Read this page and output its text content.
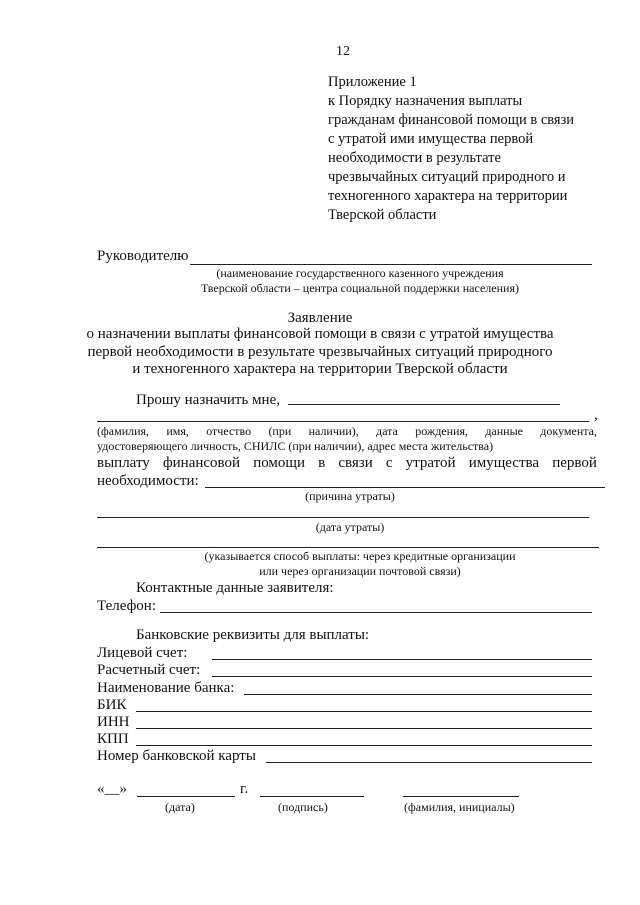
12
Приложение 1
к Порядку назначения выплаты
гражданам финансовой помощи в связи
с утратой ими имущества первой
необходимости в результате
чрезвычайных ситуаций природного и
техногенного характера на территории
Тверской области
Руководителю
(наименование государственного казенного учреждения
Тверской области – центра социальной поддержки населения)
Заявление
о назначении выплаты финансовой помощи в связи с утратой имущества
первой необходимости в результате чрезвычайных ситуаций природного
и техногенного характера на территории Тверской области
Прошу назначить мне,
,
(фамилия, имя, отчество (при наличии), дата рождения, данные документа,
удостоверяющего личность, СНИЛС (при наличии), адрес места жительства)
выплату финансовой помощи в связи с утратой имущества первой
необходимости:
(причина утраты)
(дата утраты)
(указывается способ выплаты: через кредитные организации
или через организации почтовой связи)
Контактные данные заявителя:
Телефон:
Банковские реквизиты для выплаты:
Лицевой счет:
Расчетный счет:
Наименование банка:
БИК
ИНН
КПП
Номер банковской карты
«__»	г.
(дата)	(подпись)	(фамилия, инициалы)
